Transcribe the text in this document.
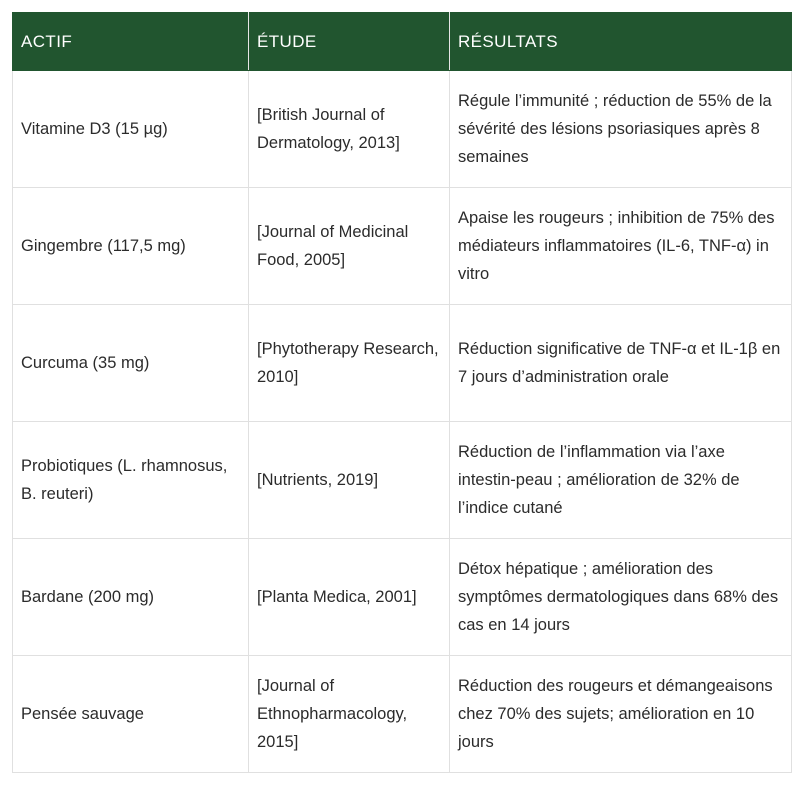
ACTIF	ÉTUDE	RÉSULTATS
Vitamine D3 (15 µg)	[British Journal of Dermatology, 2013]	Régule l’immunité ; réduction de 55% de la sévérité des lésions psoriasiques après 8 semaines
Gingembre (117,5 mg)	[Journal of Medicinal Food, 2005]	Apaise les rougeurs ; inhibition de 75% des médiateurs inflammatoires (IL-6, TNF-α) in vitro
Curcuma (35 mg)	[Phytotherapy Research, 2010]	Réduction significative de TNF-α et IL-1β en 7 jours d’administration orale
Probiotiques (L. rhamnosus, B. reuteri)	[Nutrients, 2019]	Réduction de l’inflammation via l’axe intestin-peau ; amélioration de 32% de l’indice cutané
Bardane (200 mg)	[Planta Medica, 2001]	Détox hépatique ; amélioration des symptômes dermatologiques dans 68% des cas en 14 jours
Pensée sauvage	[Journal of Ethnopharmacology, 2015]	Réduction des rougeurs et démangeaisons chez 70% des sujets; amélioration en 10 jours
